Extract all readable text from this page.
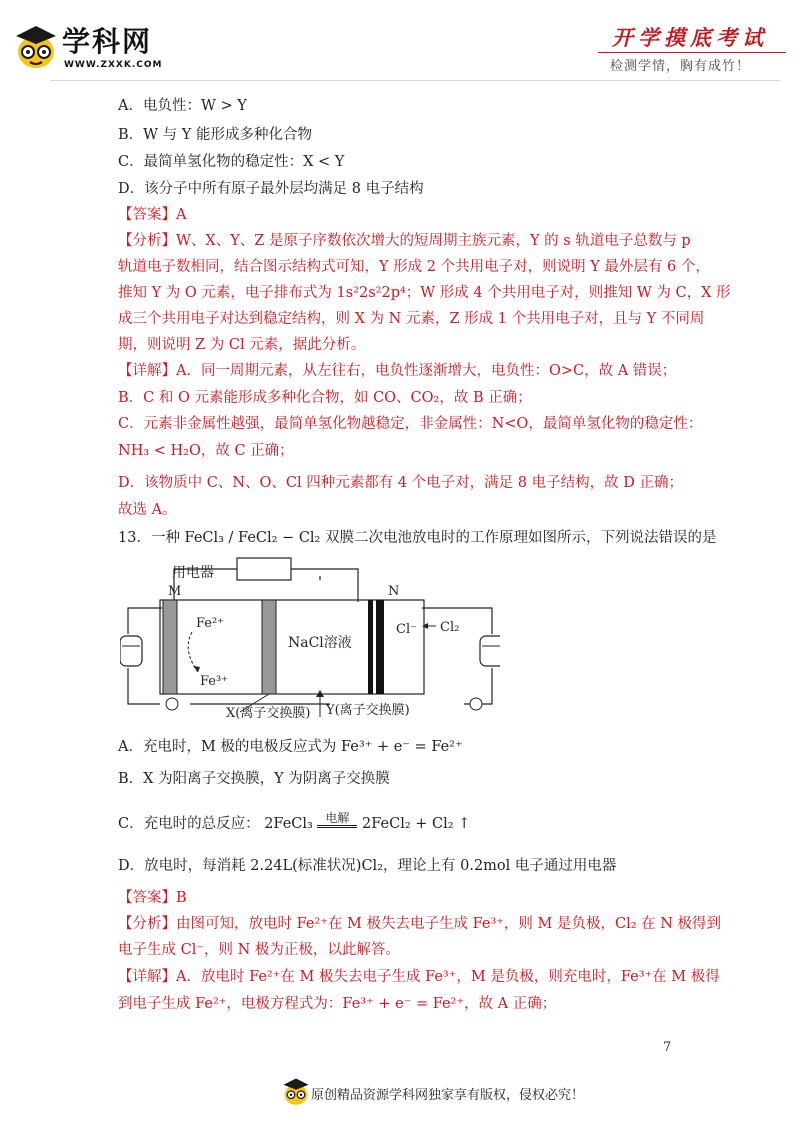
学科网
WWW.ZXXK.COM
开学摸底考试
检测学情，胸有成竹！
A．电负性：W > Y
B．W 与 Y 能形成多种化合物
C．最简单氢化物的稳定性：X < Y
D．该分子中所有原子最外层均满足 8 电子结构
【答案】A
【分析】W、X、Y、Z 是原子序数依次增大的短周期主族元素，Y 的 s 轨道电子总数与 p
轨道电子数相同，结合图示结构式可知，Y 形成 2 个共用电子对，则说明 Y 最外层有 6 个，
推知 Y 为 O 元素，电子排布式为 1s²2s²2p⁴；W 形成 4 个共用电子对，则推知 W 为 C，X 形
成三个共用电子对达到稳定结构，则 X 为 N 元素，Z 形成 1 个共用电子对，且与 Y 不同周
期，则说明 Z 为 Cl 元素，据此分析。
【详解】A．同一周期元素，从左往右，电负性逐渐增大，电负性：O>C，故 A 错误；
B．C 和 O 元素能形成多种化合物，如 CO、CO₂，故 B 正确；
C．元素非金属性越强，最简单氢化物越稳定，非金属性：N<O，最简单氢化物的稳定性：
NH₃ < H₂O，故 C 正确；
D．该物质中 C、N、O、Cl 四种元素都有 4 个电子对，满足 8 电子结构，故 D 正确；
故选 A。
13．一种 FeCl₃ / FeCl₂ − Cl₂ 双膜二次电池放电时的工作原理如图所示，下列说法错误的是
用电器
M	N
Fe²⁺
Fe³⁺
NaCl溶液
Cl⁻ Cl₂
X(离子交换膜) Y(离子交换膜)
A．充电时，M 极的电极反应式为 Fe³⁺ + e⁻ = Fe²⁺
B．X 为阳离子交换膜，Y 为阴离子交换膜
C．充电时的总反应： 2FeCl₃ 电解 2FeCl₂ + Cl₂ ↑
D．放电时，每消耗 2.24L(标准状况)Cl₂，理论上有 0.2mol 电子通过用电器
【答案】B
【分析】由图可知，放电时 Fe²⁺在 M 极失去电子生成 Fe³⁺，则 M 是负极，Cl₂ 在 N 极得到
电子生成 Cl⁻，则 N 极为正极，以此解答。
【详解】A．放电时 Fe²⁺在 M 极失去电子生成 Fe³⁺，M 是负极，则充电时，Fe³⁺在 M 极得
到电子生成 Fe²⁺，电极方程式为：Fe³⁺ + e⁻ = Fe²⁺，故 A 正确；
7
原创精品资源学科网独家享有版权，侵权必究！
